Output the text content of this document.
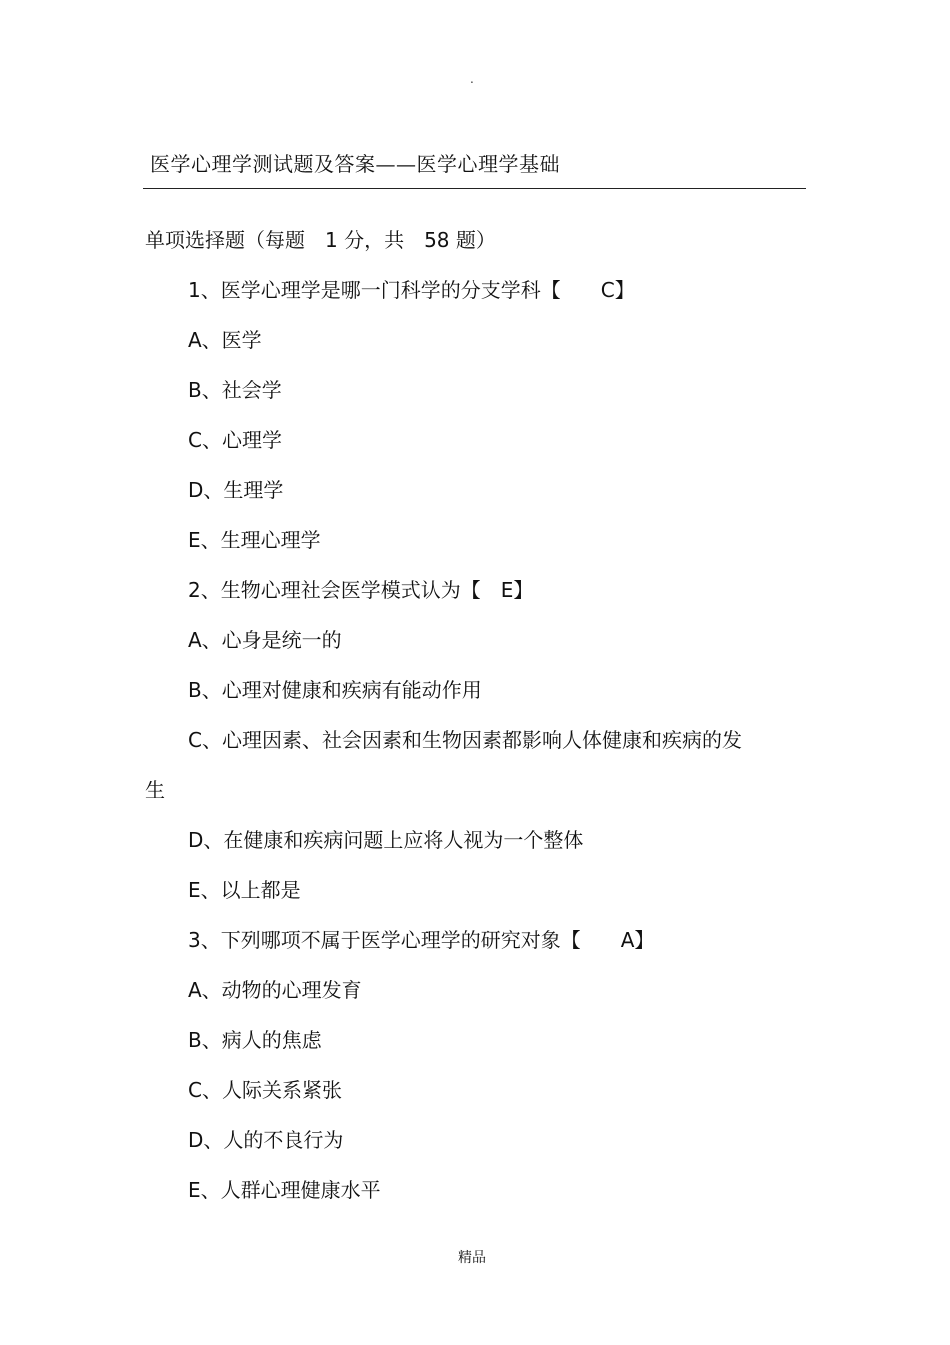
.
医学心理学测试题及答案——医学心理学基础
单项选择题（每题　1 分，共　58 题）
1、医学心理学是哪一门科学的分支学科【　　C】
A、医学
B、社会学
C、心理学
D、生理学
E、生理心理学
2、生物心理社会医学模式认为【　E】
A、心身是统一的
B、心理对健康和疾病有能动作用
C、心理因素、社会因素和生物因素都影响人体健康和疾病的发
生
D、在健康和疾病问题上应将人视为一个整体
E、以上都是
3、下列哪项不属于医学心理学的研究对象【　　A】
A、动物的心理发育
B、病人的焦虑
C、人际关系紧张
D、人的不良行为
E、人群心理健康水平
精品
